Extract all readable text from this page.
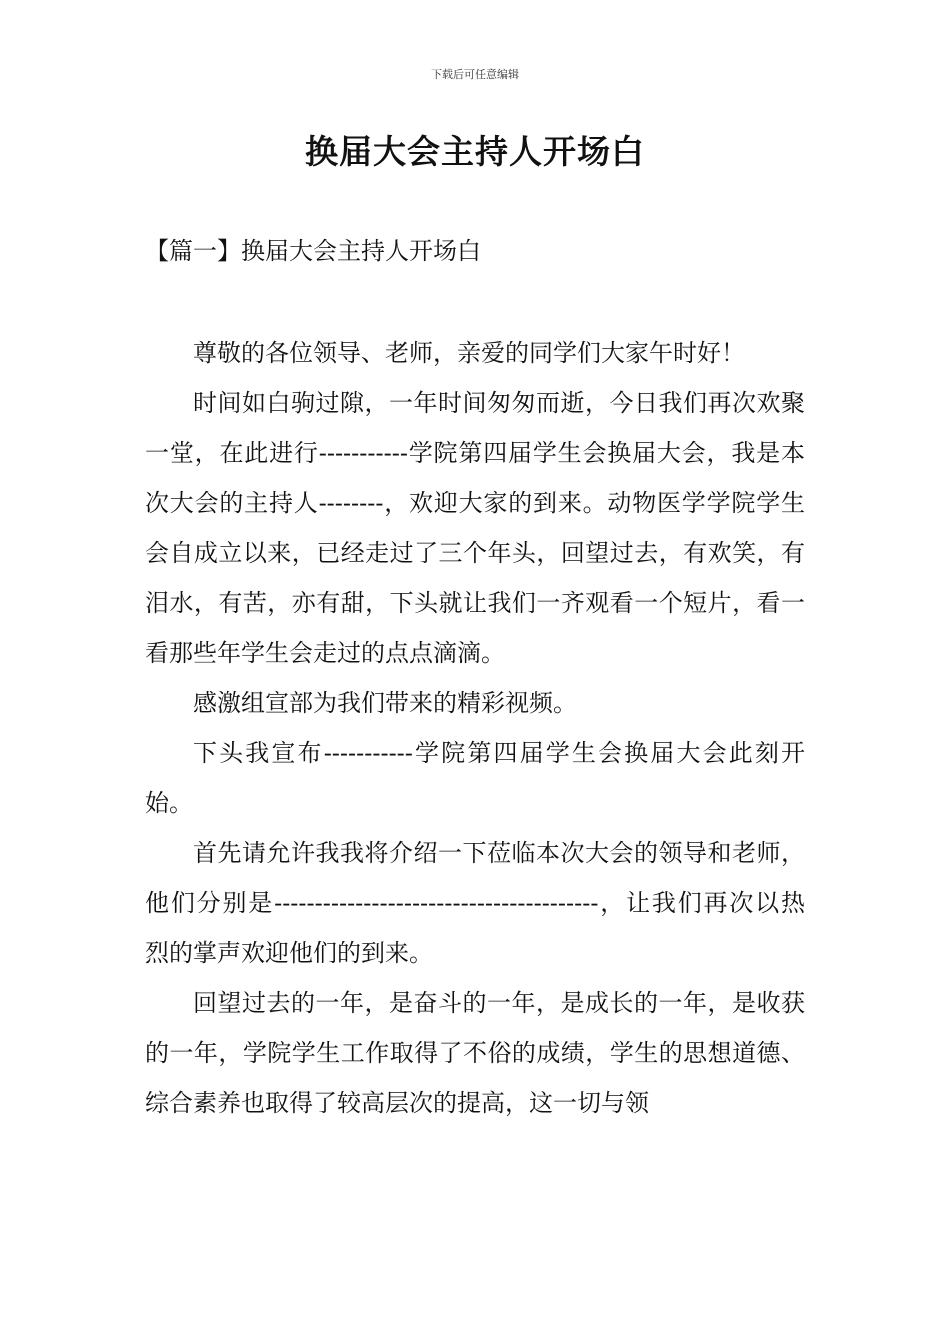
下载后可任意编辑
换届大会主持人开场白
【篇一】换届大会主持人开场白

尊敬的各位领导、老师，亲爱的同学们大家午时好！

时间如白驹过隙，一年时间匆匆而逝，今日我们再次欢聚一堂，在此进行-----------学院第四届学生会换届大会，我是本次大会的主持人--------，欢迎大家的到来。动物医学学院学生会自成立以来，已经走过了三个年头，回望过去，有欢笑，有泪水，有苦，亦有甜，下头就让我们一齐观看一个短片，看一看那些年学生会走过的点点滴滴。

感激组宣部为我们带来的精彩视频。

下头我宣布-----------学院第四届学生会换届大会此刻开始。

首先请允许我我将介绍一下莅临本次大会的领导和老师，他们分别是----------------------------------------，让我们再次以热烈的掌声欢迎他们的到来。

回望过去的一年，是奋斗的一年，是成长的一年，是收获的一年，学院学生工作取得了不俗的成绩，学生的思想道德、综合素养也取得了较高层次的提高，这一切与领
